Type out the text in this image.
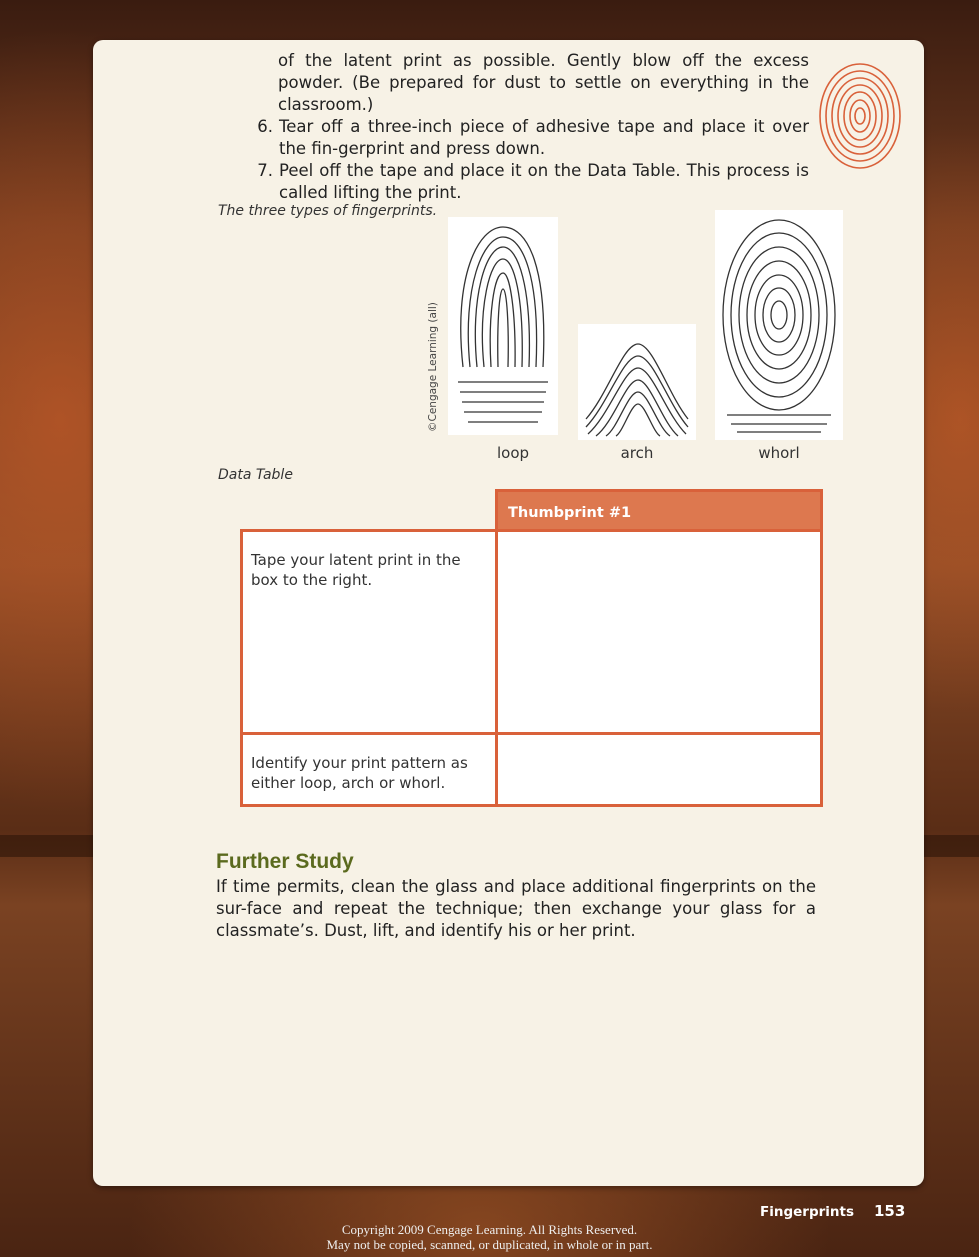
of the latent print as possible. Gently blow off the excess powder. (Be prepared for dust to settle on everything in the classroom.)

6. Tear off a three-inch piece of adhesive tape and place it over the fin-gerprint and press down.
7. Peel off the tape and place it on the Data Table. This process is called lifting the print.
The three types of fingerprints.
©Cengage Learning (all)
loop	arch	whorl
Data Table
Thumbprint #1
Tape your latent print in the box to the right.
Identify your print pattern as either loop, arch or whorl.
Further Study
If time permits, clean the glass and place additional fingerprints on the sur-face and repeat the technique; then exchange your glass for a classmate’s. Dust, lift, and identify his or her print.
Fingerprints 153
Copyright 2009 Cengage Learning. All Rights Reserved.
May not be copied, scanned, or duplicated, in whole or in part.
